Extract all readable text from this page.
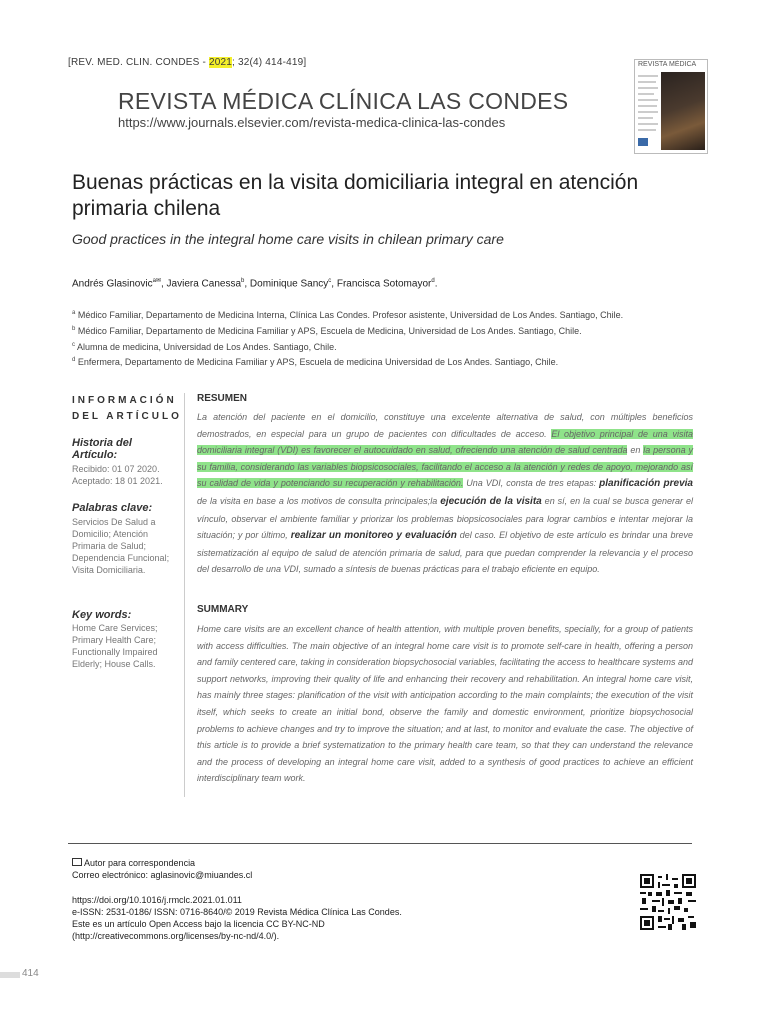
[REV. MED. CLIN. CONDES - 2021; 32(4) 414-419]
REVISTA MÉDICA CLÍNICA LAS CONDES
https://www.journals.elsevier.com/revista-medica-clinica-las-condes
REVISTA MÉDICA
Buenas prácticas en la visita domiciliaria integral en atención primaria chilena
Good practices in the integral home care visits in chilean primary care
Andrés Glasinovic$^{a✉}$, Javiera Canessa$^b$, Dominique Sancy$^c$, Francisca Sotomayor$^d$.
$^a$ Médico Familiar, Departamento de Medicina Interna, Clínica Las Condes. Profesor asistente, Universidad de Los Andes. Santiago, Chile.
$^b$ Médico Familiar, Departamento de Medicina Familiar y APS, Escuela de Medicina, Universidad de Los Andes. Santiago, Chile.
$^c$ Alumna de medicina, Universidad de Los Andes. Santiago, Chile.
$^d$ Enfermera, Departamento de Medicina Familiar y APS, Escuela de medicina Universidad de Los Andes. Santiago, Chile.
INFORMACIÓN
DEL ARTÍCULO
Historia del Artículo:
Recibido: 01 07 2020.
Aceptado: 18 01 2021.
Palabras clave:
Servicios De Salud a Domicilio; Atención Primaria de Salud; Dependencia Funcional; Visita Domiciliaria.
Key words:
Home Care Services; Primary Health Care; Functionally Impaired Elderly; House Calls.
RESUMEN
La atención del paciente en el domicilio, constituye una excelente alternativa de salud, con múltiples beneficios demostrados, en especial para un grupo de pacientes con dificultades de acceso. El objetivo principal de una visita domiciliaria integral (VDI) es favorecer el autocuidado en salud, ofreciendo una atención de salud centrada en la persona y su familia, considerando las variables biopsicosociales, facilitando el acceso a la atención y redes de apoyo, mejorando así su calidad de vida y potenciando su recuperación y rehabilitación. Una VDI, consta de tres etapas: planificación previa de la visita en base a los motivos de consulta principales;la ejecución de la visita en sí, en la cual se busca generar el vínculo, observar el ambiente familiar y priorizar los problemas biopsicosociales para lograr cambios e intentar mejorar la situación; y por último, realizar un monitoreo y evaluación del caso. El objetivo de este artículo es brindar una breve sistematización al equipo de salud de atención primaria de salud, para que puedan comprender la relevancia y el proceso del desarrollo de una VDI, sumado a síntesis de buenas prácticas para el trabajo eficiente en equipo.
SUMMARY
Home care visits are an excellent chance of health attention, with multiple proven benefits, specially, for a group of patients with access difficulties. The main objective of an integral home care visit is to promote self-care in health, offering a person and family centered care, taking in consideration biopsychosocial variables, facilitating the access to healthcare systems and support networks, improving their quality of life and enhancing their recovery and rehabilitation. An integral home care visit, has mainly three stages: planification of the visit with anticipation according to the main complaints; the execution of the visit itself, which seeks to create an initial bond, observe the family and domestic environment, prioritize biopsychosocial problems to achieve changes and try to improve the situation; and at last, to monitor and evaluate the case. The objective of this article is to provide a brief systematization to the primary health care team, so that they can understand the relevance and the process of developing an integral home care visit, added to a synthesis of good practices to achieve an efficient interdisciplinary team work.
Autor para correspondencia
Correo electrónico: aglasinovic@miuandes.cl
https://doi.org/10.1016/j.rmclc.2021.01.011
e-ISSN: 2531-0186/ ISSN: 0716-8640/© 2019 Revista Médica Clínica Las Condes.
Este es un artículo Open Access bajo la licencia CC BY-NC-ND
(http://creativecommons.org/licenses/by-nc-nd/4.0/).
414
